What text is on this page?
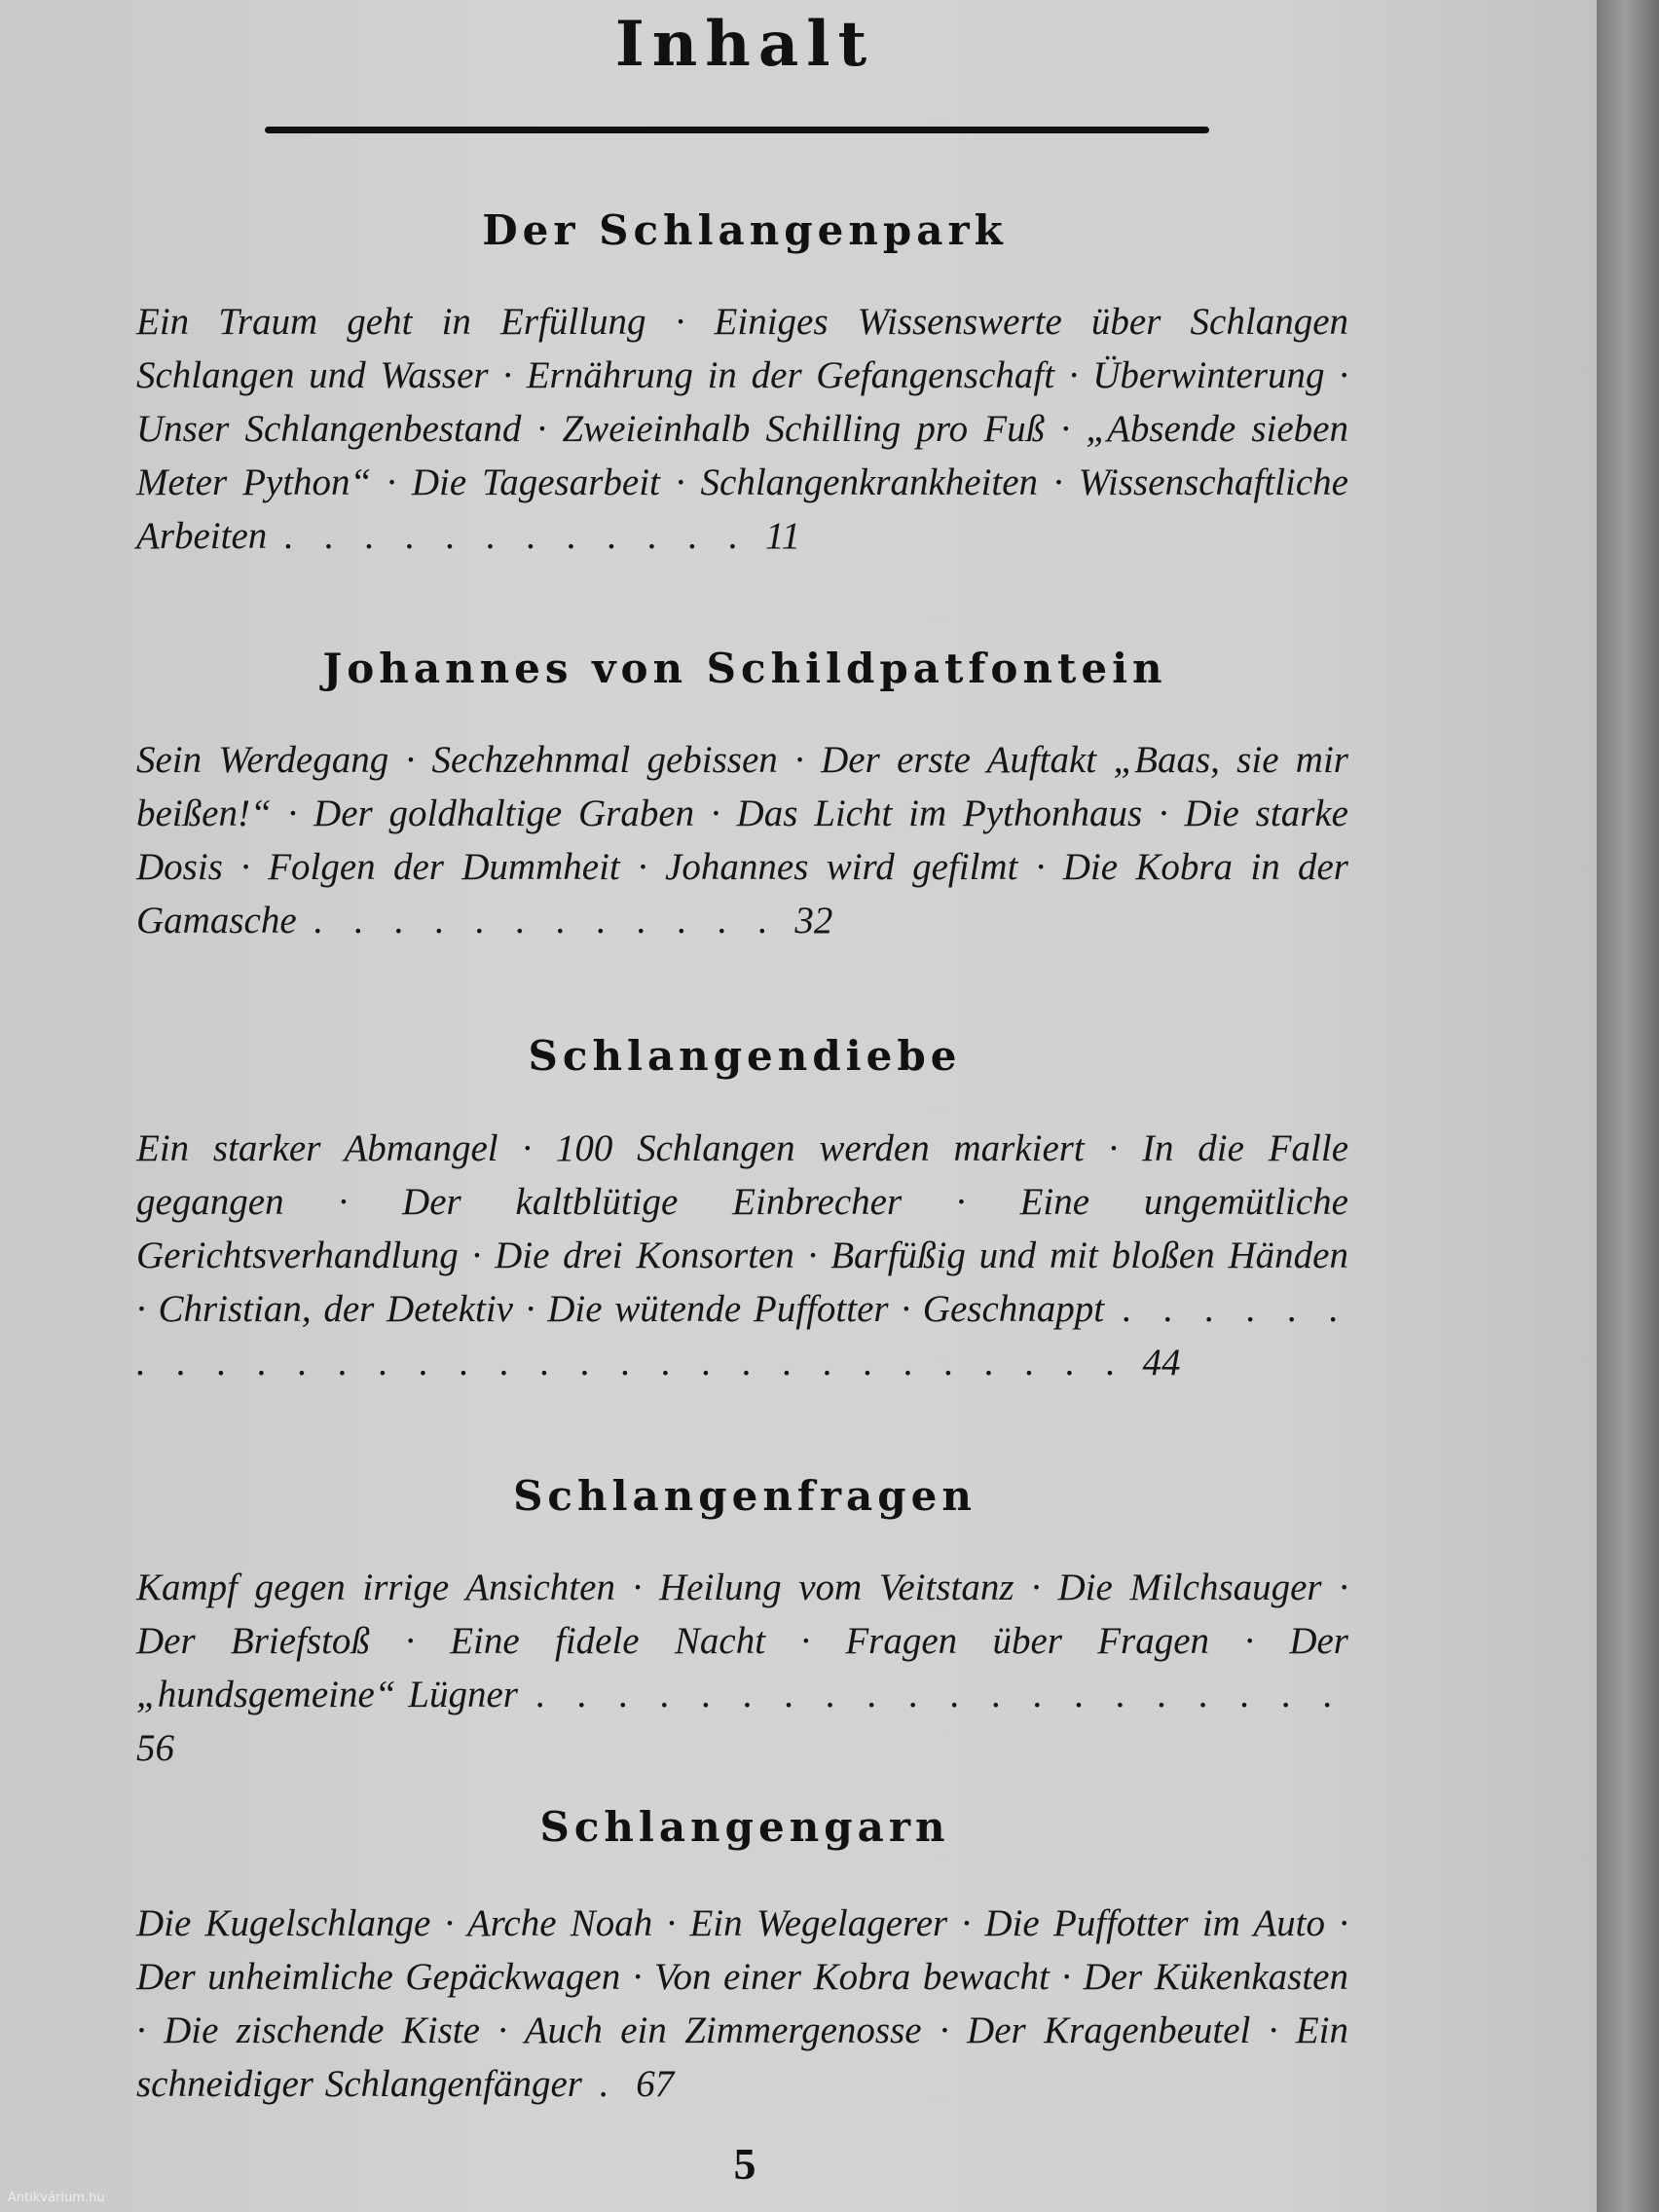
Inhalt
Der Schlangenpark
Ein Traum geht in Erfüllung · Einiges Wissenswerte über Schlangen Schlangen und Wasser · Ernährung in der Gefangenschaft · Überwinterung · Unser Schlangenbestand · Zweieinhalb Schilling pro Fuß · „Absende sieben Meter Python“ · Die Tagesarbeit · Schlangenkrankheiten · Wissenschaftliche Arbeiten . . . . . . . . . . . . 11
Johannes von Schildpatfontein
Sein Werdegang · Sechzehnmal gebissen · Der erste Auftakt „Baas, sie mir beißen!“ · Der goldhaltige Graben · Das Licht im Pythonhaus · Die starke Dosis · Folgen der Dummheit · Johannes wird gefilmt · Die Kobra in der Gamasche . . . . . . . . . . . . 32
Schlangendiebe
Ein starker Abmangel · 100 Schlangen werden markiert · In die Falle gegangen · Der kaltblütige Einbrecher · Eine ungemütliche Gerichtsverhandlung · Die drei Konsorten · Barfüßig und mit bloßen Händen · Christian, der Detektiv · Die wütende Puffotter · Geschnappt . . . . . . . . . . . . . . . . . . . . . . . . . . . . . . . 44
Schlangenfragen
Kampf gegen irrige Ansichten · Heilung vom Veitstanz · Die Milchsauger · Der Briefstoß · Eine fidele Nacht · Fragen über Fragen · Der „hundsgemeine“ Lügner . . . . . . . . . . . . . . . . . . . . 56
Schlangengarn
Die Kugelschlange · Arche Noah · Ein Wegelagerer · Die Puffotter im Auto · Der unheimliche Gepäckwagen · Von einer Kobra bewacht · Der Kükenkasten · Die zischende Kiste · Auch ein Zimmergenosse · Der Kragenbeutel · Ein schneidiger Schlangenfänger . 67
5
Antikvárium.hu
